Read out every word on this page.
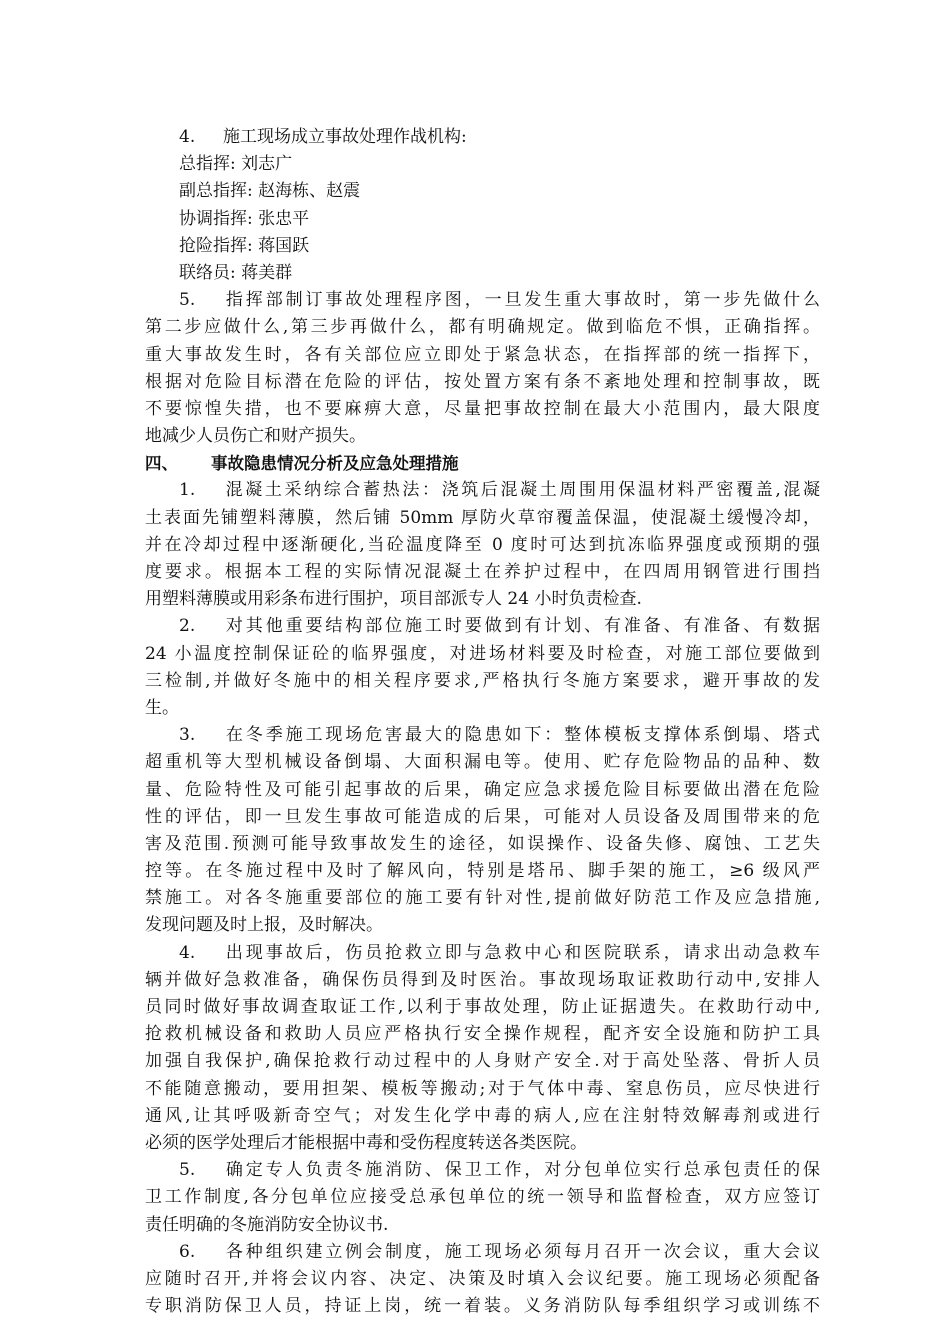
4. 施工现场成立事故处理作战机构:
总指挥: 刘志广
副总指挥: 赵海栋、赵震
协调指挥: 张忠平
抢险指挥: 蒋国跃
联络员: 蒋美群
5. 指挥部制订事故处理程序图，一旦发生重大事故时，第一步先做什么
第二步应做什么,第三步再做什么，都有明确规定。做到临危不惧，正确指挥。
重大事故发生时，各有关部位应立即处于紧急状态，在指挥部的统一指挥下，
根据对危险目标潜在危险的评估，按处置方案有条不紊地处理和控制事故，既
不要惊惶失措，也不要麻痹大意，尽量把事故控制在最大小范围内，最大限度
地减少人员伤亡和财产损失。
四、 事故隐患情况分析及应急处理措施
1. 混凝土采纳综合蓄热法：浇筑后混凝土周围用保温材料严密覆盖,混凝
土表面先铺塑料薄膜，然后铺 50mm 厚防火草帘覆盖保温，使混凝土缓慢冷却，
并在冷却过程中逐渐硬化,当砼温度降至 0 度时可达到抗冻临界强度或预期的强
度要求。根据本工程的实际情况混凝土在养护过程中，在四周用钢管进行围挡
用塑料薄膜或用彩条布进行围护，项目部派专人 24 小时负责检查.
2. 对其他重要结构部位施工时要做到有计划、有准备、有准备、有数据
24 小温度控制保证砼的临界强度，对进场材料要及时检查，对施工部位要做到
三检制,并做好冬施中的相关程序要求,严格执行冬施方案要求，避开事故的发
生。
3. 在冬季施工现场危害最大的隐患如下：整体模板支撑体系倒塌、塔式
超重机等大型机械设备倒塌、大面积漏电等。使用、贮存危险物品的品种、数
量、危险特性及可能引起事故的后果，确定应急求援危险目标要做出潜在危险
性的评估，即一旦发生事故可能造成的后果，可能对人员设备及周围带来的危
害及范围.预测可能导致事故发生的途径，如误操作、设备失修、腐蚀、工艺失
控等。在冬施过程中及时了解风向，特别是塔吊、脚手架的施工，≥6 级风严
禁施工。对各冬施重要部位的施工要有针对性,提前做好防范工作及应急措施,
发现问题及时上报，及时解决。
4. 出现事故后，伤员抢救立即与急救中心和医院联系，请求出动急救车
辆并做好急救准备，确保伤员得到及时医治。事故现场取证救助行动中,安排人
员同时做好事故调查取证工作,以利于事故处理，防止证据遗失。在救助行动中,
抢救机械设备和救助人员应严格执行安全操作规程，配齐安全设施和防护工具
加强自我保护,确保抢救行动过程中的人身财产安全.对于高处坠落、骨折人员
不能随意搬动，要用担架、模板等搬动;对于气体中毒、窒息伤员，应尽快进行
通风,让其呼吸新奇空气；对发生化学中毒的病人,应在注射特效解毒剂或进行
必须的医学处理后才能根据中毒和受伤程度转送各类医院。
5. 确定专人负责冬施消防、保卫工作，对分包单位实行总承包责任的保
卫工作制度,各分包单位应接受总承包单位的统一领导和监督检查，双方应签订
责任明确的冬施消防安全协议书.
6. 各种组织建立例会制度，施工现场必须每月召开一次会议，重大会议
应随时召开,并将会议内容、决定、决策及时填入会议纪要。施工现场必须配备
专职消防保卫人员，持证上岗，统一着装。义务消防队每季组织学习或训练不
